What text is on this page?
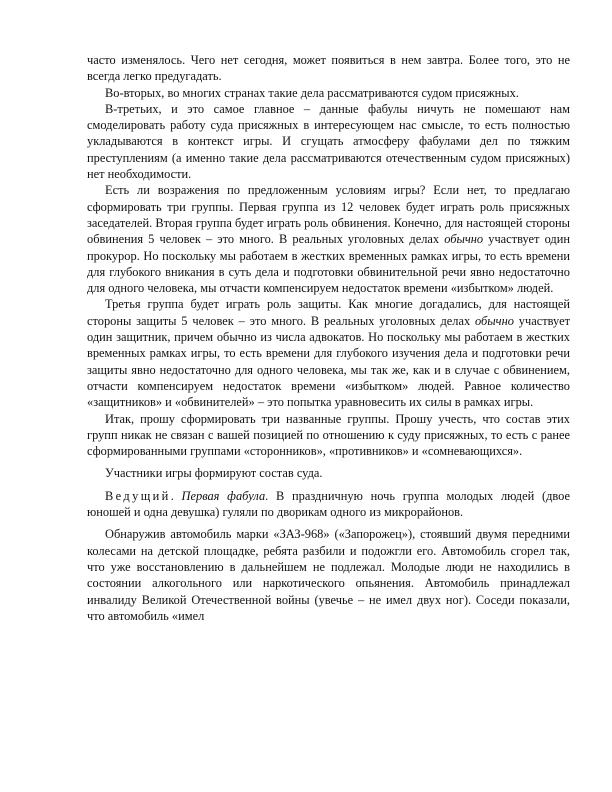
часто изменялось. Чего нет сегодня, может появиться в нем завтра. Более того, это не всегда легко предугадать.

Во-вторых, во многих странах такие дела рассматриваются судом присяжных.

В-третьих, и это самое главное – данные фабулы ничуть не помешают нам смоделировать работу суда присяжных в интересующем нас смысле, то есть полностью укладываются в контекст игры. И сгущать атмосферу фабулами дел по тяжким преступлениям (а именно такие дела рассматриваются отечественным судом присяжных) нет необходимости.

Есть ли возражения по предложенным условиям игры? Если нет, то предлагаю сформировать три группы. Первая группа из 12 человек будет играть роль присяжных заседателей. Вторая группа будет играть роль обвинения. Конечно, для настоящей стороны обвинения 5 человек – это много. В реальных уголовных делах обычно участвует один прокурор. Но поскольку мы работаем в жестких временных рамках игры, то есть времени для глубокого вникания в суть дела и подготовки обвинительной речи явно недостаточно для одного человека, мы отчасти компенсируем недостаток времени «избытком» людей.

Третья группа будет играть роль защиты. Как многие догадались, для настоящей стороны защиты 5 человек – это много. В реальных уголовных делах обычно участвует один защитник, причем обычно из числа адвокатов. Но поскольку мы работаем в жестких временных рамках игры, то есть времени для глубокого изучения дела и подготовки речи защиты явно недостаточно для одного человека, мы так же, как и в случае с обвинением, отчасти компенсируем недостаток времени «избытком» людей. Равное количество «защитников» и «обвинителей» – это попытка уравновесить их силы в рамках игры.

Итак, прошу сформировать три названные группы. Прошу учесть, что состав этих групп никак не связан с вашей позицией по отношению к суду присяжных, то есть с ранее сформированными группами «сторонников», «противников» и «сомневающихся».

Участники игры формируют состав суда.

Ведущий. Первая фабула. В праздничную ночь группа молодых людей (двое юношей и одна девушка) гуляли по дворикам одного из микрорайонов.

Обнаружив автомобиль марки «ЗАЗ-968» («Запорожец»), стоявший двумя передними колесами на детской площадке, ребята разбили и подожгли его. Автомобиль сгорел так, что уже восстановлению в дальнейшем не подлежал. Молодые люди не находились в состоянии алкогольного или наркотического опьянения. Автомобиль принадлежал инвалиду Великой Отечественной войны (увечье – не имел двух ног). Соседи показали, что автомобиль «имел
